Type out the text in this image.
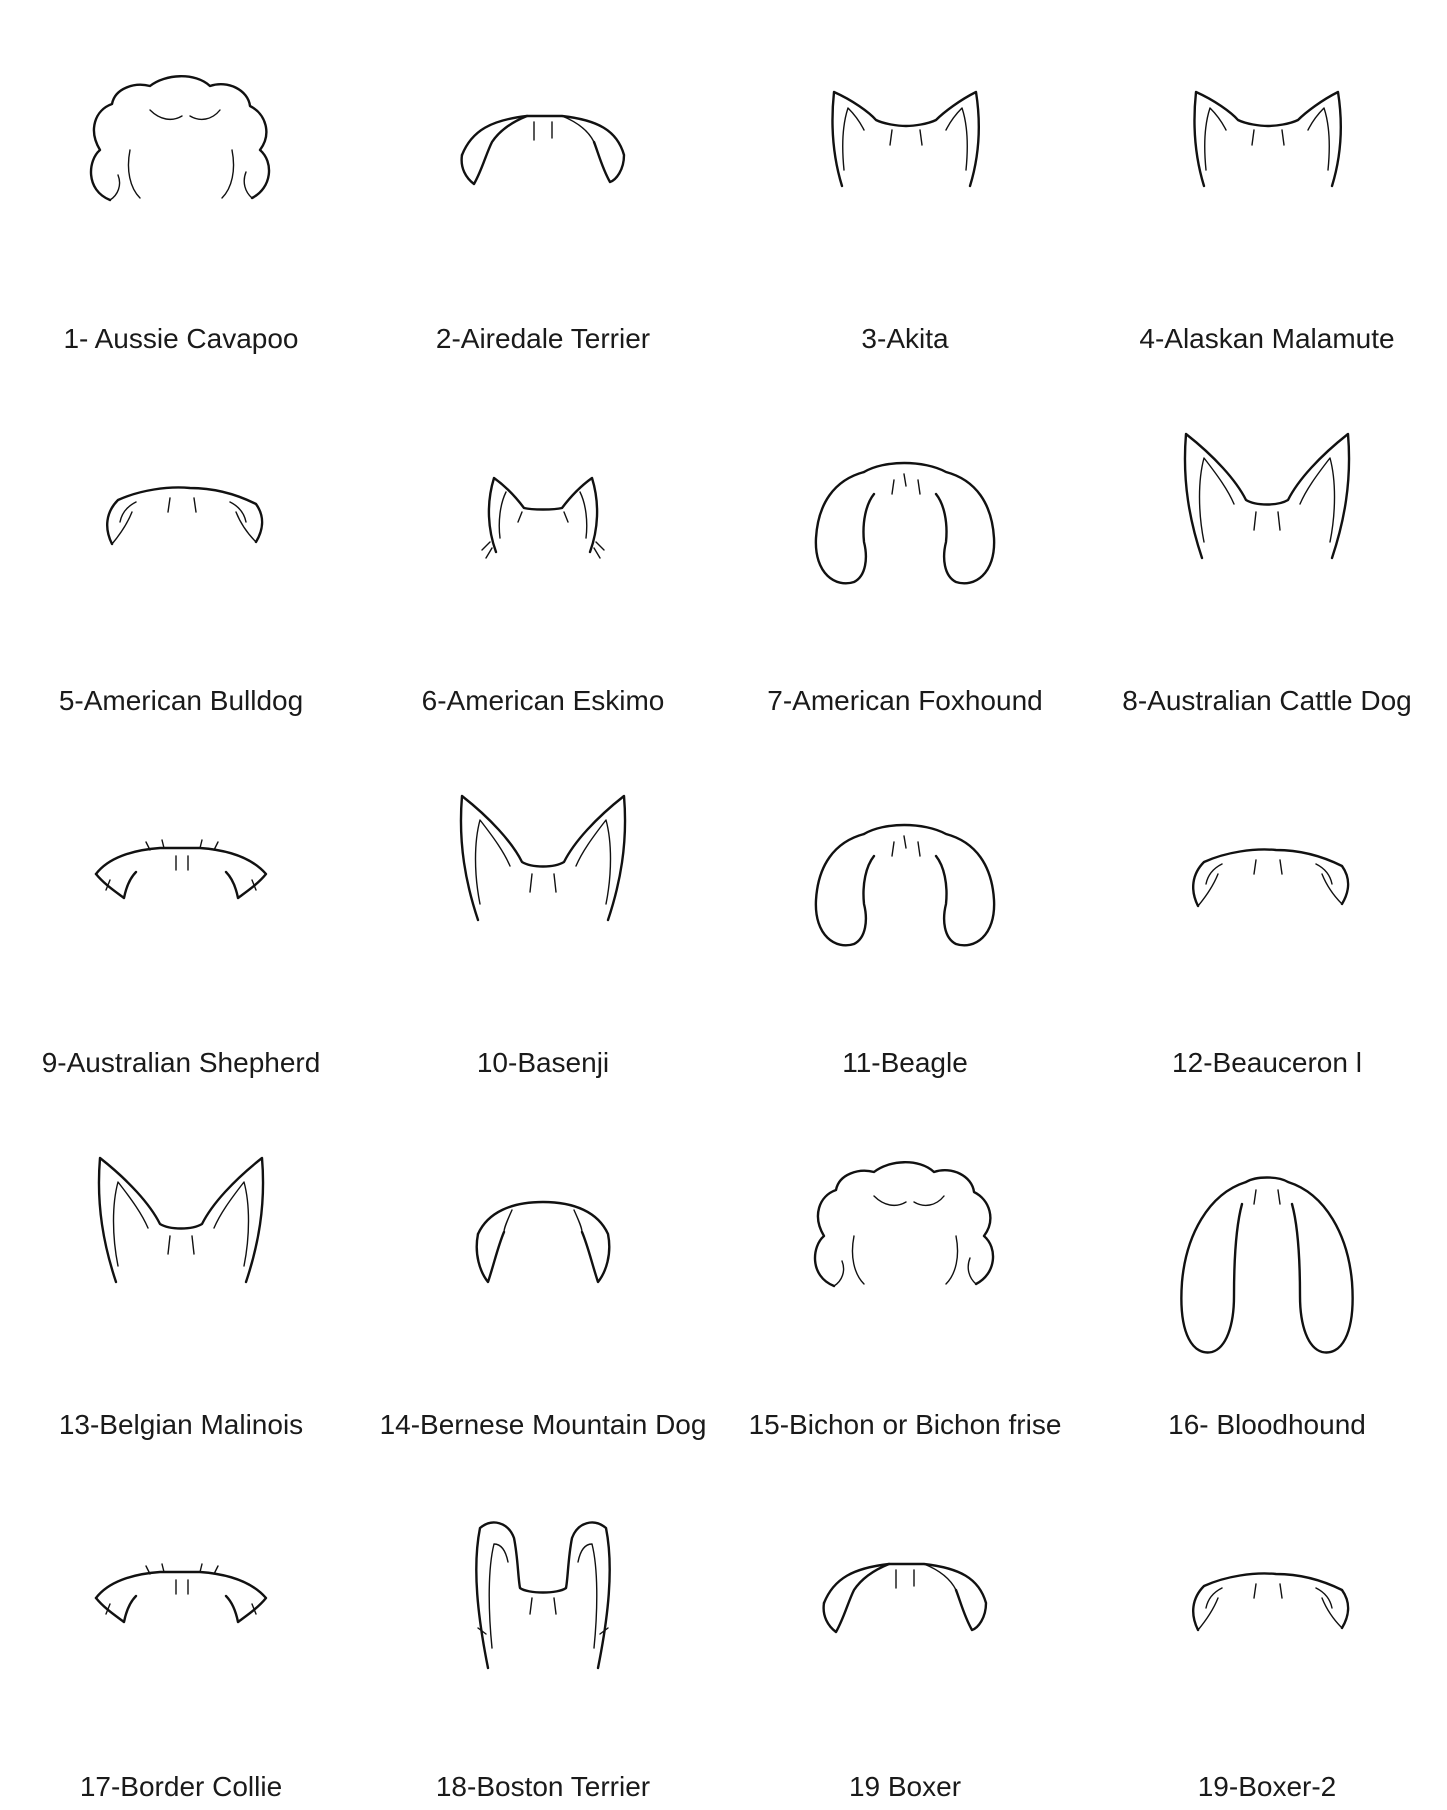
1- Aussie Cavapoo	2-Airedale Terrier	3-Akita	4-Alaskan Malamute
5-American Bulldog	6-American Eskimo	7-American Foxhound	8-Australian Cattle Dog
9-Australian Shepherd	10-Basenji	11-Beagle	12-Beauceron l
13-Belgian Malinois	14-Bernese Mountain Dog	15-Bichon or Bichon frise	16- Bloodhound
17-Border Collie	18-Boston Terrier	19 Boxer	19-Boxer-2
